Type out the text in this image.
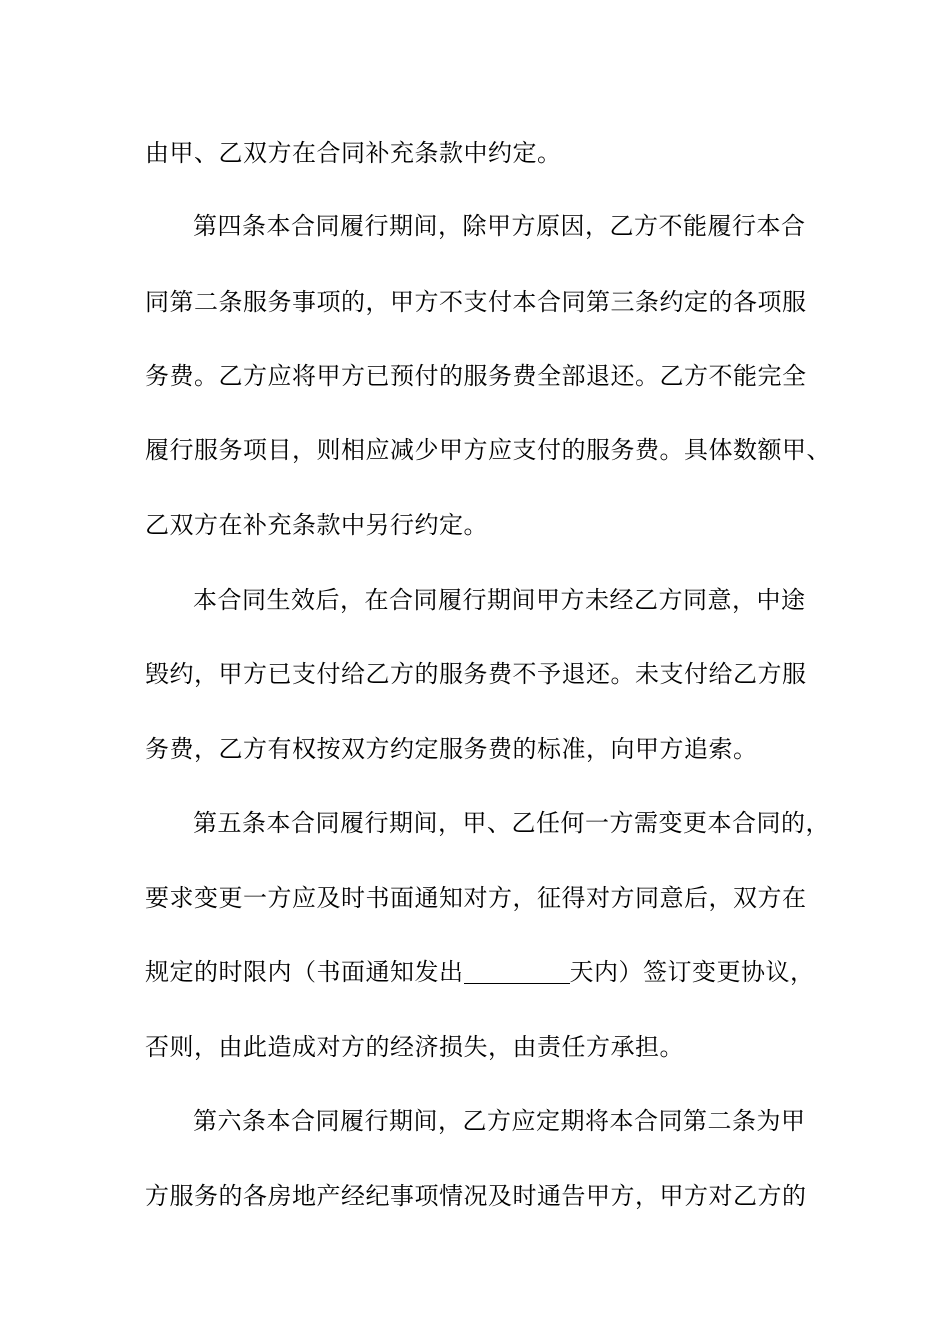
由甲、乙双方在合同补充条款中约定。
第四条本合同履行期间，除甲方原因，乙方不能履行本合
同第二条服务事项的，甲方不支付本合同第三条约定的各项服
务费。乙方应将甲方已预付的服务费全部退还。乙方不能完全
履行服务项目，则相应减少甲方应支付的服务费。具体数额甲、
乙双方在补充条款中另行约定。
本合同生效后，在合同履行期间甲方未经乙方同意，中途
毁约，甲方已支付给乙方的服务费不予退还。未支付给乙方服
务费，乙方有权按双方约定服务费的标准，向甲方追索。
第五条本合同履行期间，甲、乙任何一方需变更本合同的，
要求变更一方应及时书面通知对方，征得对方同意后，双方在
规定的时限内（书面通知发出	天内）签订变更协议，
否则，由此造成对方的经济损失，由责任方承担。
第六条本合同履行期间，乙方应定期将本合同第二条为甲
方服务的各房地产经纪事项情况及时通告甲方，甲方对乙方的
